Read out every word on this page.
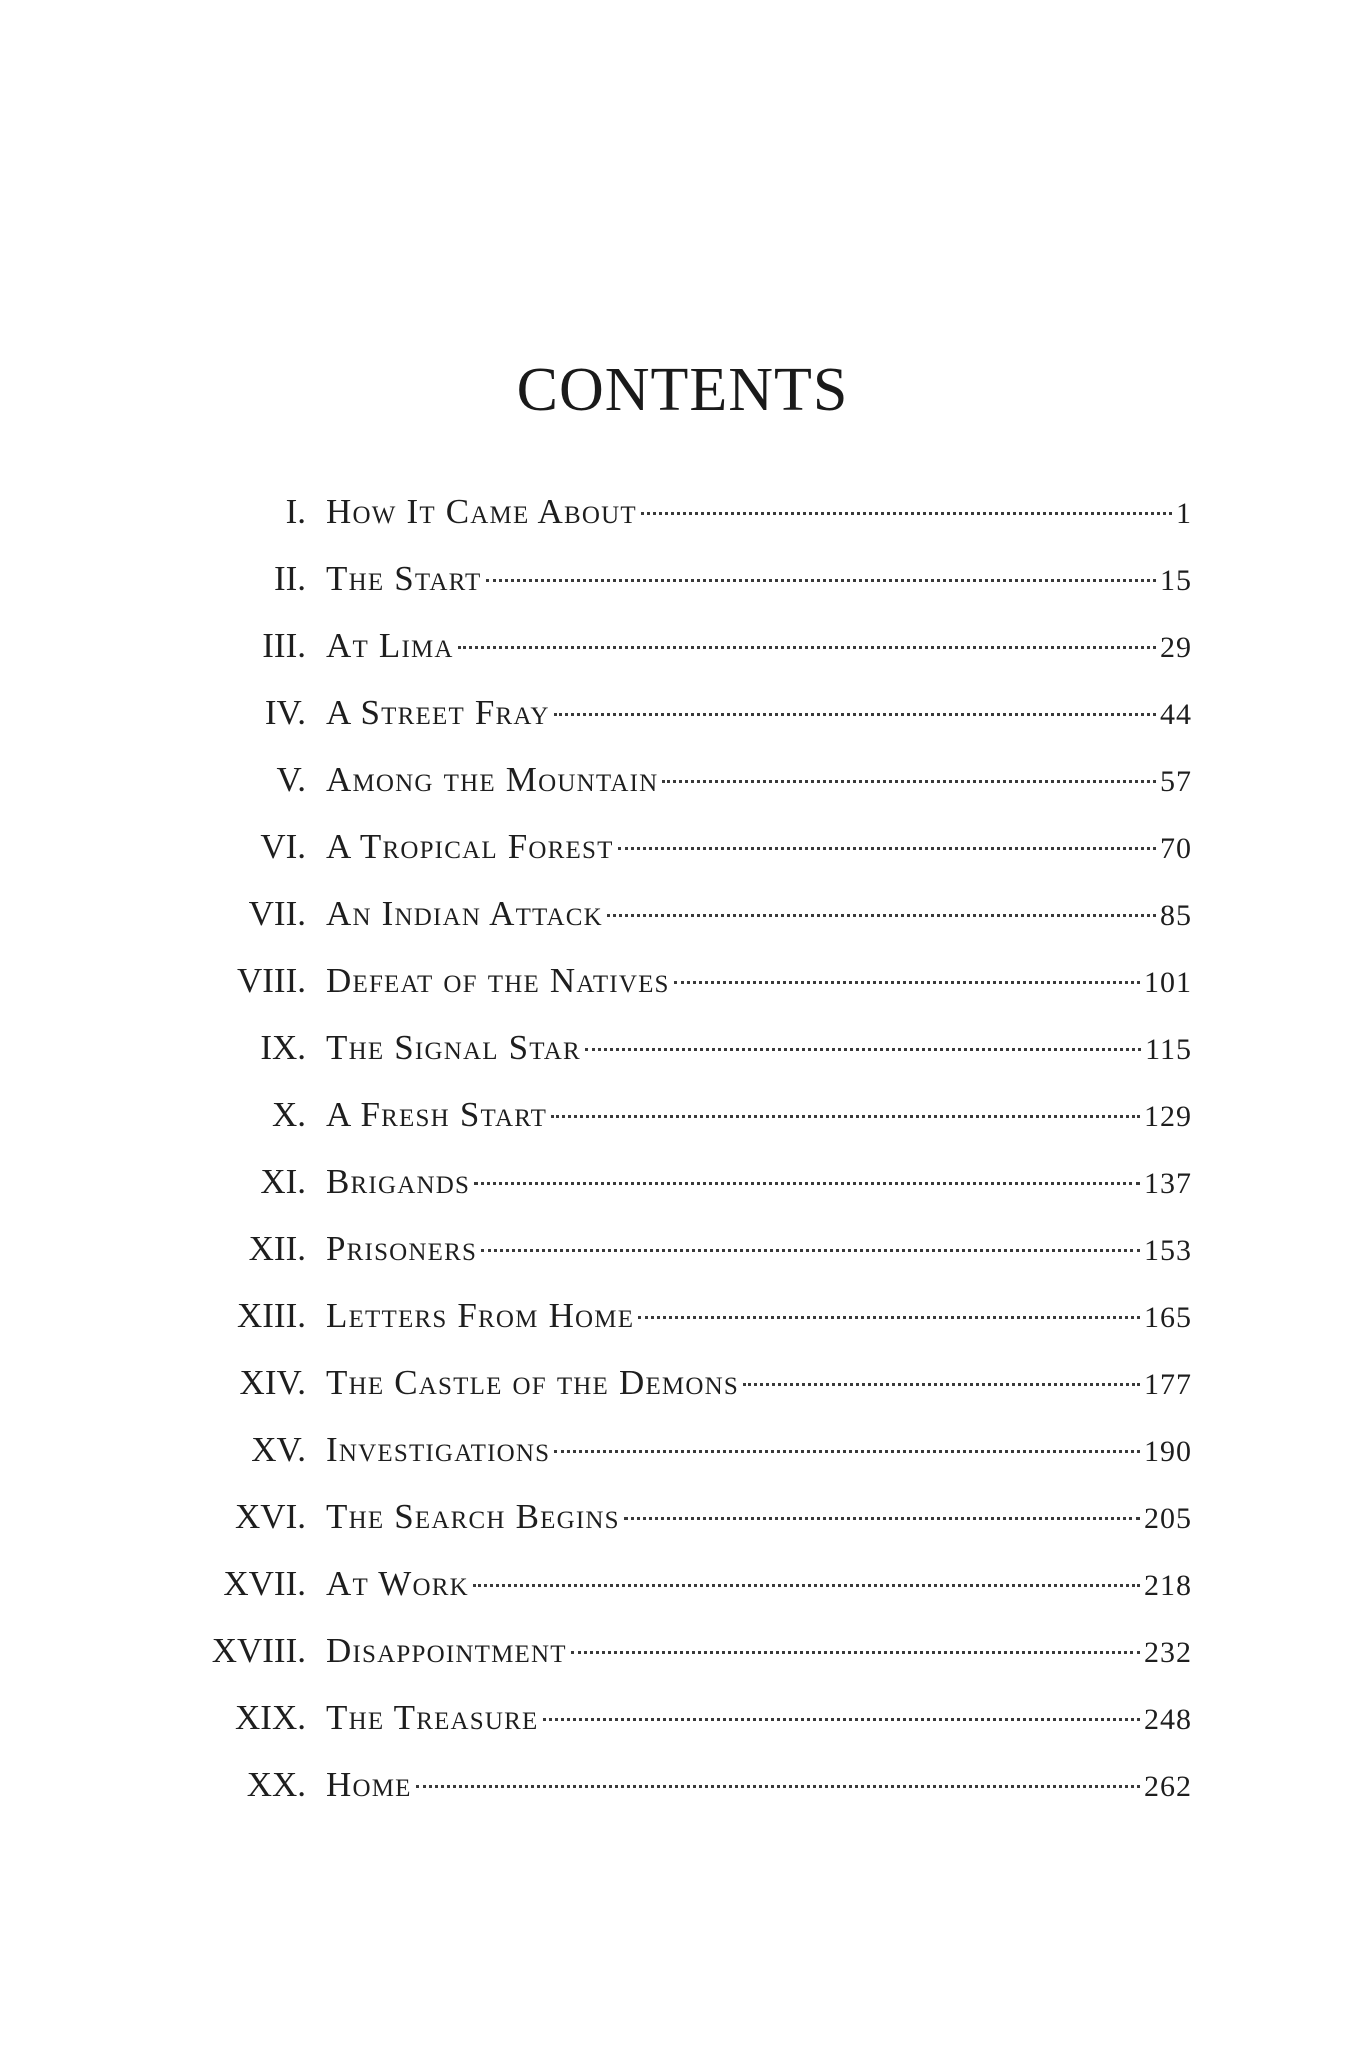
CONTENTS
I. How It Came About	1
II. The Start	15
III. At Lima	29
IV. A Street Fray	44
V. Among the Mountain	57
VI. A Tropical Forest	70
VII. An Indian Attack	85
VIII. Defeat of the Natives	101
IX. The Signal Star	115
X. A Fresh Start	129
XI. Brigands	137
XII. Prisoners	153
XIII. Letters From Home	165
XIV. The Castle of the Demons	177
XV. Investigations	190
XVI. The Search Begins	205
XVII. At Work	218
XVIII. Disappointment	232
XIX. The Treasure	248
XX. Home	262
